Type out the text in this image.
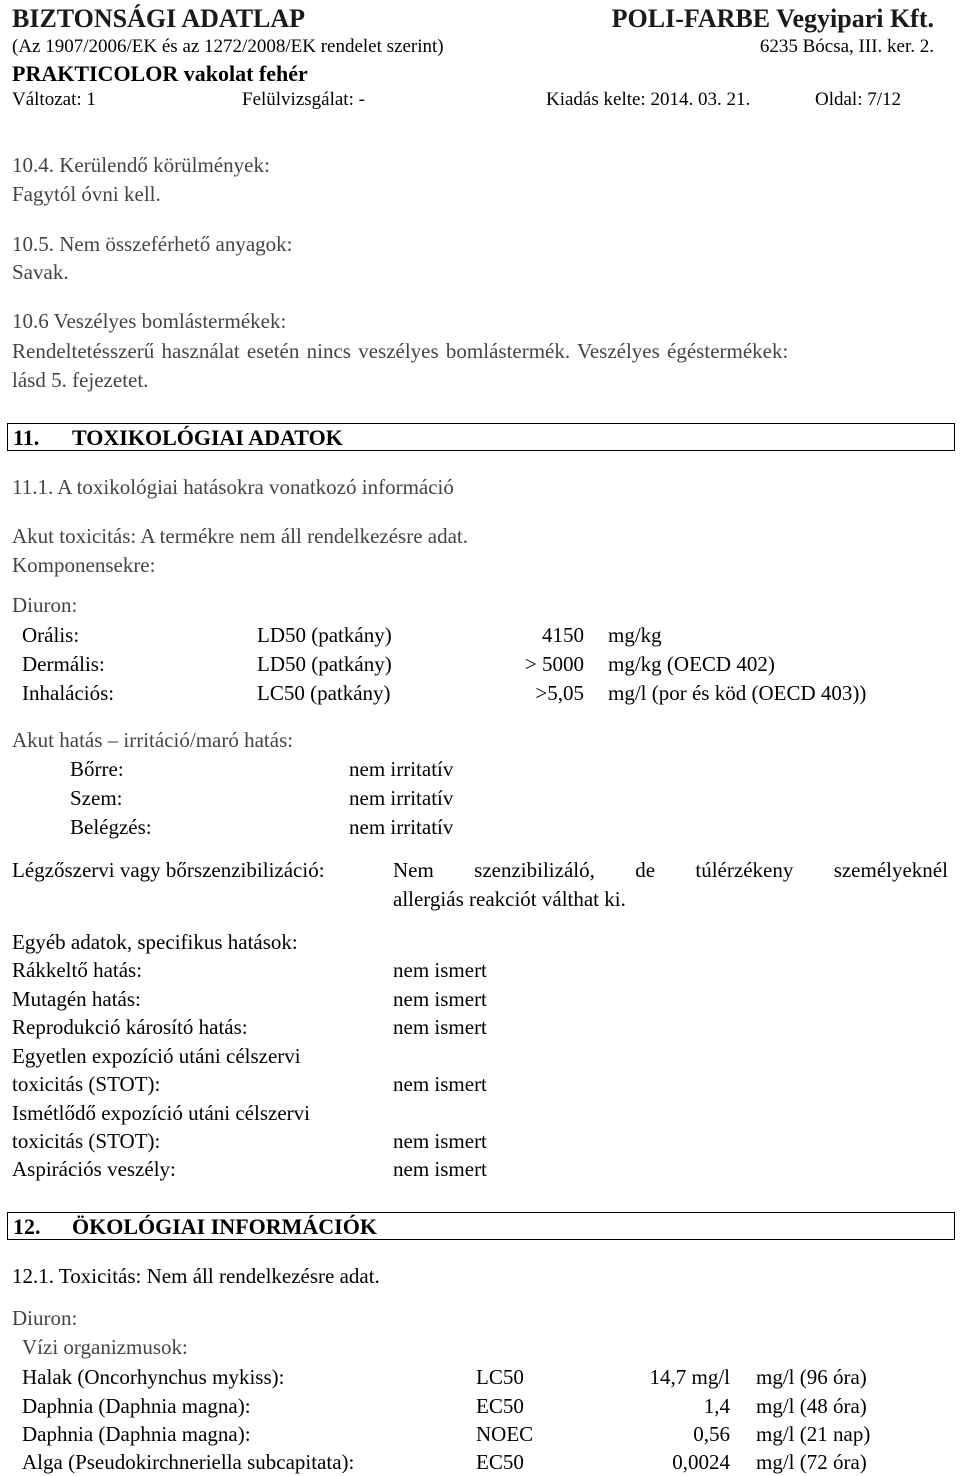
BIZTONSÁGI ADATLAP	POLI-FARBE Vegyipari Kft.
(Az 1907/2006/EK és az 1272/2008/EK rendelet szerint)	6235 Bócsa, III. ker. 2.
PRAKTICOLOR vakolat fehér
Változat: 1	Felülvizsgálat: -	Kiadás kelte: 2014. 03. 21.	Oldal: 7/12
10.4. Kerülendő körülmények:
Fagytól óvni kell.
10.5. Nem összeférhető anyagok:
Savak.
10.6 Veszélyes bomlástermékek:
Rendeltetésszerű használat esetén nincs veszélyes bomlástermék. Veszélyes égéstermékek:
lásd 5. fejezetet.
11. TOXIKOLÓGIAI ADATOK
11.1. A toxikológiai hatásokra vonatkozó információ
Akut toxicitás: A termékre nem áll rendelkezésre adat.
Komponensekre:
Diuron:
Orális:	LD50 (patkány)	4150 mg/kg
Dermális:	LD50 (patkány)	> 5000 mg/kg (OECD 402)
Inhalációs:	LC50 (patkány)	>5,05 mg/l (por és köd (OECD 403))
Akut hatás – irritáció/maró hatás:
Bőrre:	nem irritatív
Szem:	nem irritatív
Belégzés:	nem irritatív
Légzőszervi vagy bőrszenzibilizáció:	Nem szenzibilizáló, de túlérzékeny személyeknél
allergiás reakciót válthat ki.
Egyéb adatok, specifikus hatások:
Rákkeltő hatás:	nem ismert
Mutagén hatás:	nem ismert
Reprodukció károsító hatás:	nem ismert
Egyetlen expozíció utáni célszervi
toxicitás (STOT):	nem ismert
Ismétlődő expozíció utáni célszervi
toxicitás (STOT):	nem ismert
Aspirációs veszély:	nem ismert
12. ÖKOLÓGIAI INFORMÁCIÓK
12.1. Toxicitás: Nem áll rendelkezésre adat.
Diuron:
Vízi organizmusok:
Halak (Oncorhynchus mykiss):	LC50	14,7 mg/l mg/l (96 óra)
Daphnia (Daphnia magna):	EC50	1,4 mg/l (48 óra)
Daphnia (Daphnia magna):	NOEC	0,56 mg/l (21 nap)
Alga (Pseudokirchneriella subcapitata):	EC50	0,0024 mg/l (72 óra)
